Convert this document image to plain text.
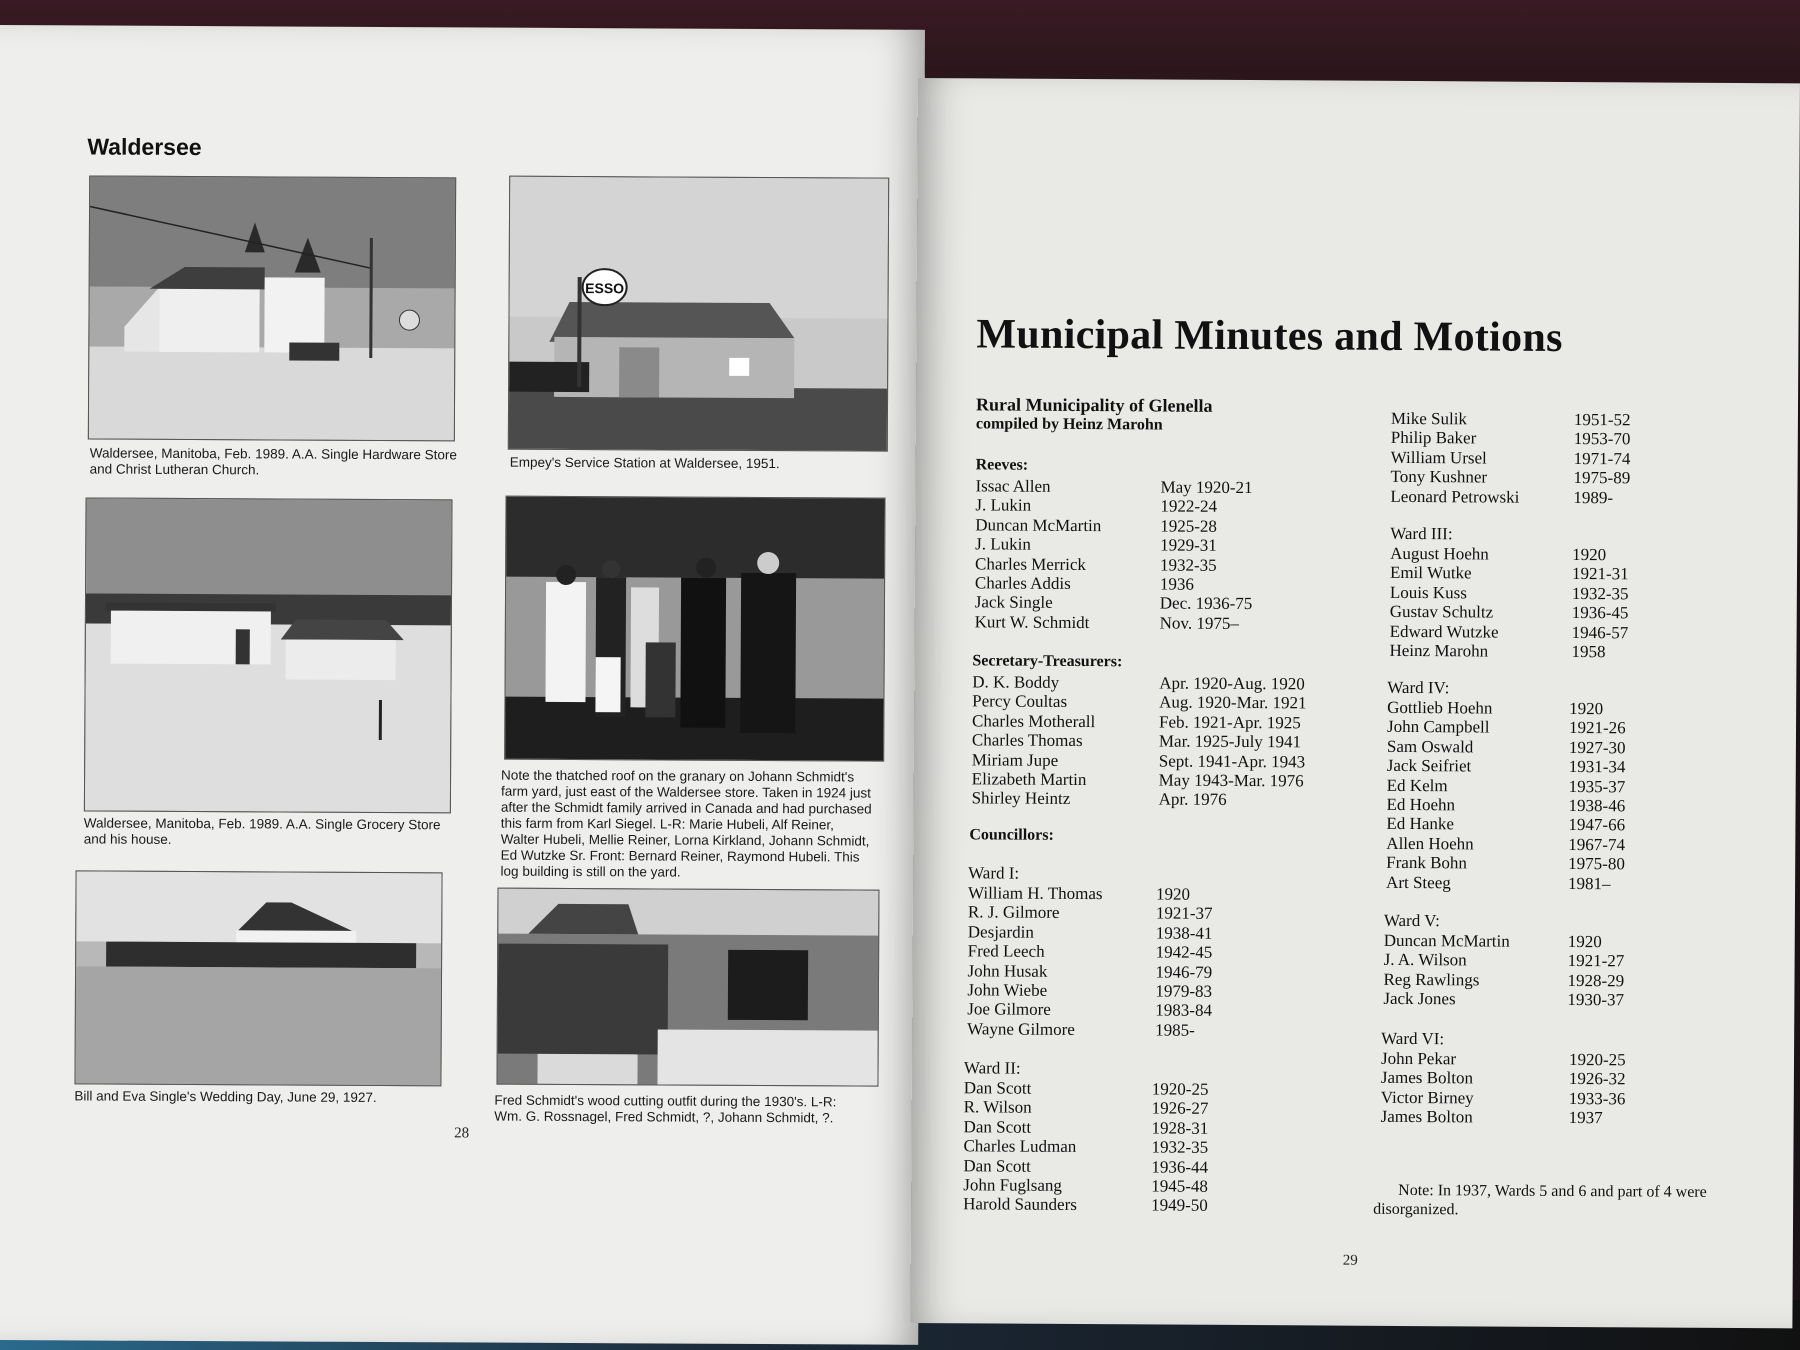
Waldersee

Waldersee, Manitoba, Feb. 1989. A.A. Single Hardware Store
and Christ Lutheran Church.

ESSO

Empey's Service Station at Waldersee, 1951.

Waldersee, Manitoba, Feb. 1989. A.A. Single Grocery Store
and his house.

Note the thatched roof on the granary on Johann Schmidt's
farm yard, just east of the Waldersee store. Taken in 1924 just
after the Schmidt family arrived in Canada and had purchased
this farm from Karl Siegel. L-R: Marie Hubeli, Alf Reiner,
Walter Hubeli, Mellie Reiner, Lorna Kirkland, Johann Schmidt,
Ed Wutzke Sr. Front: Bernard Reiner, Raymond Hubeli. This
log building is still on the yard.

Bill and Eva Single's Wedding Day, June 29, 1927.	Fred Schmidt's wood cutting outfit during the 1930's. L-R:
Wm. G. Rossnagel, Fred Schmidt, ?, Johann Schmidt, ?.

28
Municipal Minutes and Motions
Rural Municipality of Glenella
compiled by Heinz Marohn
Reeves:
Issac Allen	May 1920-21
J. Lukin	1922-24
Duncan McMartin	1925-28
J. Lukin	1929-31
Charles Merrick	1932-35
Charles Addis	1936
Jack Single	Dec. 1936-75
Kurt W. Schmidt	Nov. 1975–
Secretary-Treasurers:
D. K. Boddy	Apr. 1920-Aug. 1920
Percy Coultas	Aug. 1920-Mar. 1921
Charles Motherall	Feb. 1921-Apr. 1925
Charles Thomas	Mar. 1925-July 1941
Miriam Jupe	Sept. 1941-Apr. 1943
Elizabeth Martin	May 1943-Mar. 1976
Shirley Heintz	Apr. 1976
Councillors:
Ward I:
William H. Thomas	1920
R. J. Gilmore	1921-37
Desjardin	1938-41
Fred Leech	1942-45
John Husak	1946-79
John Wiebe	1979-83
Joe Gilmore	1983-84
Wayne Gilmore	1985-
Ward II:
Dan Scott	1920-25
R. Wilson	1926-27
Dan Scott	1928-31
Charles Ludman	1932-35
Dan Scott	1936-44
John Fuglsang	1945-48
Harold Saunders	1949-50
Mike Sulik	1951-52
Philip Baker	1953-70
William Ursel	1971-74
Tony Kushner	1975-89
Leonard Petrowski	1989-
Ward III:
August Hoehn	1920
Emil Wutke	1921-31
Louis Kuss	1932-35
Gustav Schultz	1936-45
Edward Wutzke	1946-57
Heinz Marohn	1958
Ward IV:
Gottlieb Hoehn	1920
John Campbell	1921-26
Sam Oswald	1927-30
Jack Seifriet	1931-34
Ed Kelm	1935-37
Ed Hoehn	1938-46
Ed Hanke	1947-66
Allen Hoehn	1967-74
Frank Bohn	1975-80
Art Steeg	1981–
Ward V:
Duncan McMartin	1920
J. A. Wilson	1921-27
Reg Rawlings	1928-29
Jack Jones	1930-37
Ward VI:
John Pekar	1920-25
James Bolton	1926-32
Victor Birney	1933-36
James Bolton	1937
Note: In 1937, Wards 5 and 6 and part of 4 were disorganized.
29
